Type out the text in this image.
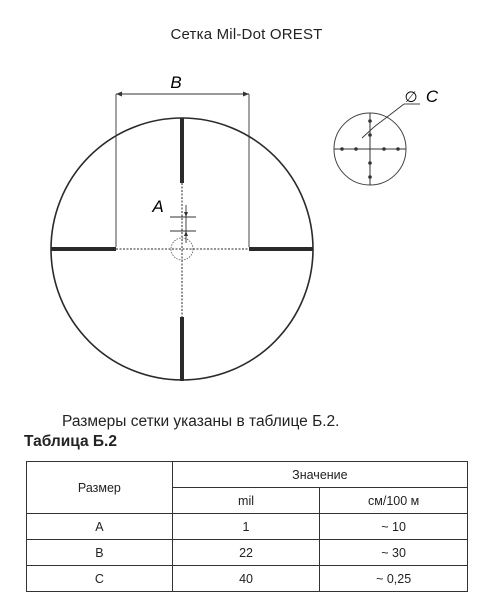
Сетка Mil-Dot OREST
B
A
∅ C
Размеры сетки указаны в таблице Б.2.
Таблица Б.2
Размер	Значение	
	mil	см/100 м
A	1	~ 10
B	22	~ 30
C	40	~ 0,25
